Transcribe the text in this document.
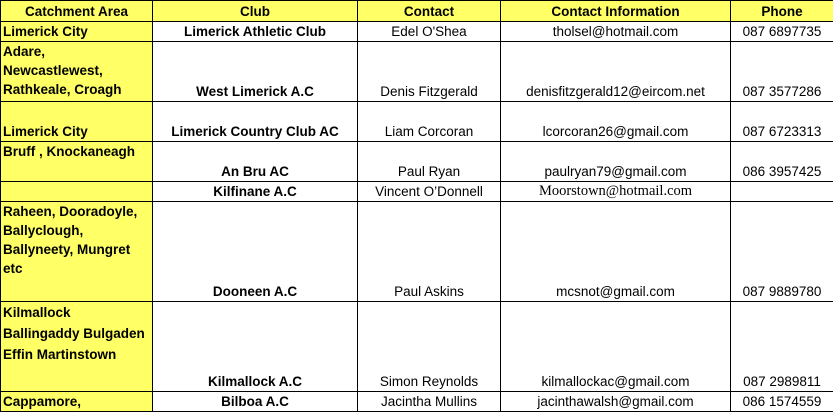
Catchment Area	Club	Contact	Contact Information	Phone
Limerick City	Limerick Athletic Club	Edel O'Shea	tholsel@hotmail.com	087 6897735
Adare, Newcastlewest, Rathkeale, Croagh	West Limerick A.C	Denis Fitzgerald	denisfitzgerald12@eircom.net	087 3577286
Limerick City	Limerick Country Club AC	Liam Corcoran	lcorcoran26@gmail.com	087 6723313
Bruff , Knockaneagh	An Bru AC	Paul Ryan	paulryan79@gmail.com	086 3957425
	Kilfinane A.C	Vincent O’Donnell	Moorstown@hotmail.com	
Raheen, Dooradoyle, Ballyclough, Ballyneety, Mungret etc	Dooneen A.C	Paul Askins	mcsnot@gmail.com	087 9889780
Kilmallock Ballingaddy Bulgaden Effin Martinstown	Kilmallock A.C	Simon Reynolds	kilmallockac@gmail.com	087 2989811
Cappamore,	Bilboa A.C	Jacintha Mullins	jacinthawalsh@gmail.com	086 1574559
